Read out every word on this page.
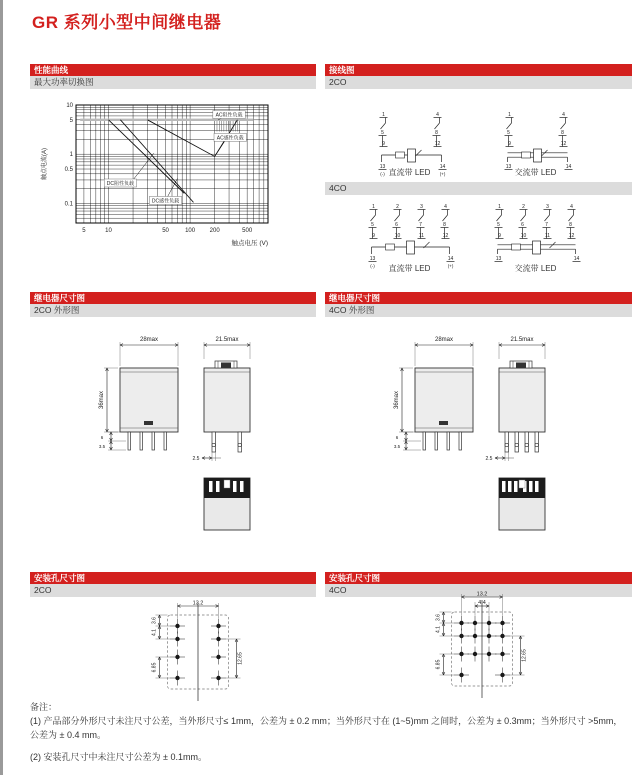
GR 系列小型中间继电器
性能曲线
最大功率切换图
接线图
2CO
AC阻性负载
AC感性负载
DC阻性负载
DC感性负载
5	10	50	100 200	500
10
5
1
0.5
0.1
触点电压 (V)
触点电流(A)
1
5
9
4
8
12
13	14
(-)	(+)
1
5
9
4
8
12
13	14
直流带 LED	交流带 LED
4CO
1
5
9
2
6
10
3
7
11
4
8
12
13	14
(-)	(+)
1
5
9
2
6
10
3
7
11
4
8
12
13	14
直流带 LED	交流带 LED
继电器尺寸图
2CO 外形图
继电器尺寸图
4CO 外形图
28max
36max
6
3.5
21.5max
2.5
28max
36max
6
3.5
21.5max
2.5
安装孔尺寸图
2CO
安装孔尺寸图
4CO
13.2
3.6
4.1
6.85
12.65
13.2
4.4
3.6
4.1
6.85
12.65
备注：
(1) 产品部分外形尺寸未注尺寸公差，当外形尺寸≤ 1mm，公差为 ± 0.2 mm；当外形尺寸在 (1~5)mm 之间时，公差为 ± 0.3mm；当外形尺寸 >5mm，公差为 ± 0.4 mm。
(2) 安装孔尺寸中未注尺寸公差为 ± 0.1mm。
